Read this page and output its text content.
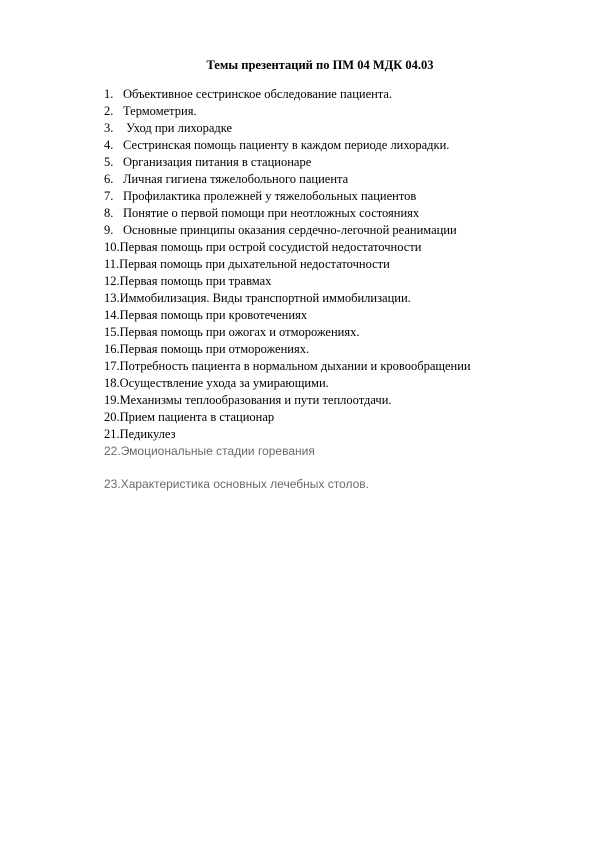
Темы презентаций по ПМ 04 МДК 04.03
1. Объективное сестринское обследование пациента.
2. Термометрия.
3. Уход при лихорадке
4. Сестринская помощь пациенту в каждом периоде лихорадки.
5. Организация питания в стационаре
6. Личная гигиена тяжелобольного пациента
7. Профилактика пролежней у тяжелобольных пациентов
8. Понятие о первой помощи при неотложных состояниях
9. Основные принципы оказания сердечно-легочной реанимации
10. Первая помощь при острой сосудистой недостаточности
11. Первая помощь при дыхательной недостаточности
12. Первая помощь при травмах
13. Иммобилизация. Виды транспортной иммобилизации.
14. Первая помощь при кровотечениях
15. Первая помощь при ожогах и отморожениях.
16. Первая помощь при отморожениях.
17. Потребность пациента в нормальном дыхании и кровообращении
18. Осуществление ухода за умирающими.
19. Механизмы теплообразования и пути теплоотдачи.
20. Прием пациента в стационар
21. Педикулез
22. Эмоциональные стадии горевания
23. Характеристика основных лечебных столов.
